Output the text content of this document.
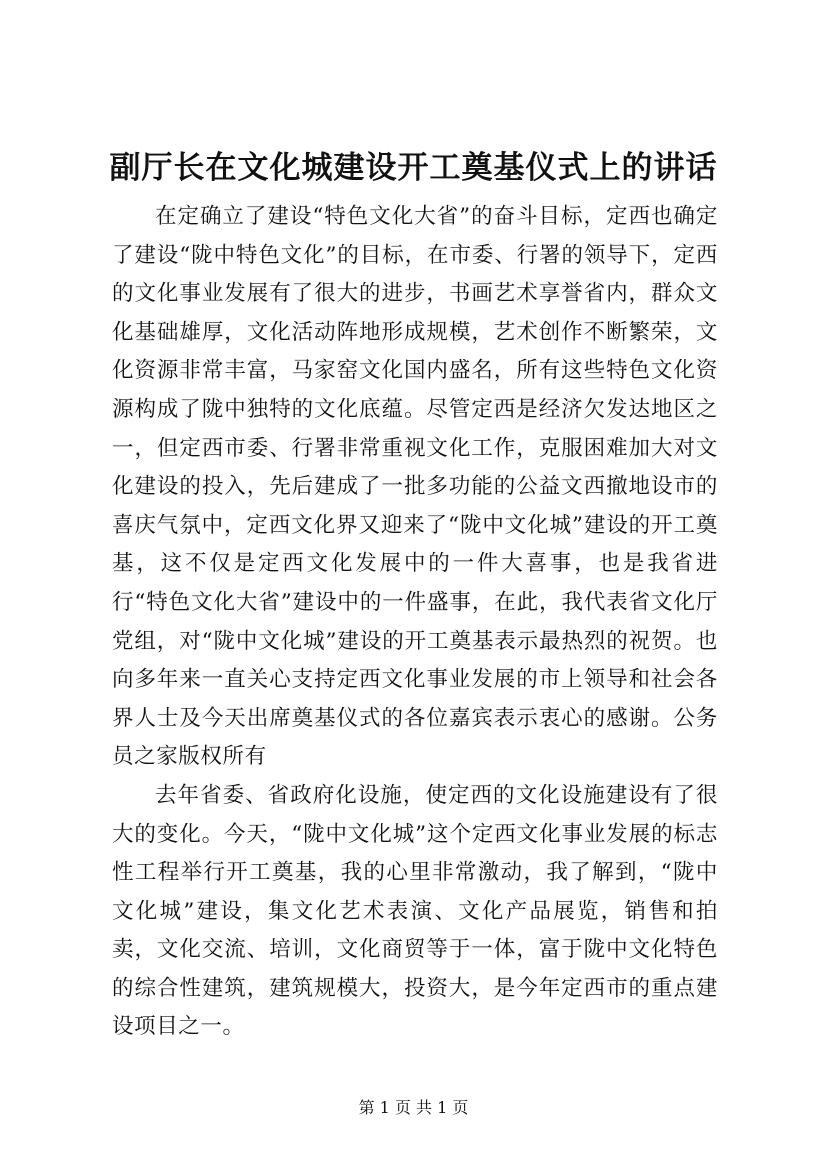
副厅长在文化城建设开工奠基仪式上的讲话

在定确立了建设“特色文化大省”的奋斗目标，定西也确定了建设“陇中特色文化”的目标，在市委、行署的领导下，定西的文化事业发展有了很大的进步，书画艺术享誉省内，群众文化基础雄厚，文化活动阵地形成规模，艺术创作不断繁荣，文化资源非常丰富，马家窑文化国内盛名，所有这些特色文化资源构成了陇中独特的文化底蕴。尽管定西是经济欠发达地区之一，但定西市委、行署非常重视文化工作，克服困难加大对文化建设的投入，先后建成了一批多功能的公益文西撤地设市的喜庆气氛中，定西文化界又迎来了“陇中文化城”建设的开工奠基，这不仅是定西文化发展中的一件大喜事，也是我省进行“特色文化大省”建设中的一件盛事，在此，我代表省文化厅党组，对“陇中文化城”建设的开工奠基表示最热烈的祝贺。也向多年来一直关心支持定西文化事业发展的市上领导和社会各界人士及今天出席奠基仪式的各位嘉宾表示衷心的感谢。公务员之家版权所有

去年省委、省政府化设施，使定西的文化设施建设有了很大的变化。今天，“陇中文化城”这个定西文化事业发展的标志性工程举行开工奠基，我的心里非常激动，我了解到，“陇中文化城”建设，集文化艺术表演、文化产品展览，销售和拍卖，文化交流、培训，文化商贸等于一体，富于陇中文化特色的综合性建筑，建筑规模大，投资大，是今年定西市的重点建设项目之一。

第 1 页 共 1 页
